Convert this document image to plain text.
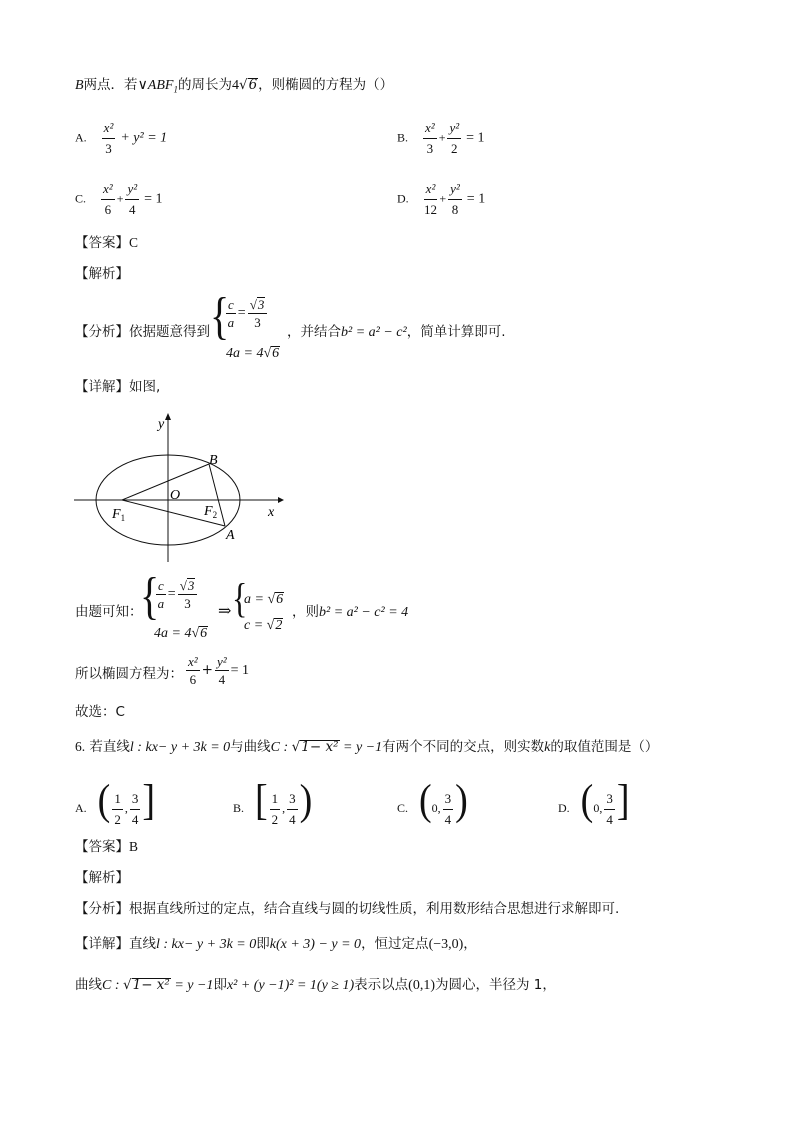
B两点．若$\vee ABF_1$的周长为4√6，则椭圆的方程为（）
A. $\frac{\text{x²}}{3} + y^2 = 1$	B. $\frac{\text{x²}}{3} + \frac{\text{y²}}{2} = 1$
C. $\frac{\text{x²}}{6} + \frac{\text{y²}}{4} = 1$	D. $\frac{\text{x²}}{12} + \frac{\text{y²}}{8} = 1$
【答案】C
【解析】
【分析】依据题意得到 {
$\frac{c}{a} = \frac{√3}{3}$
4a = 4√6
，并结合b² = a² − c²，简单计算即可.
【详解】如图,
y
x
O
B
$F_1$	$F_2$
A
由题可知：
{
$\frac{c}{a} = \frac{√3}{3}$
4a = 4√6
⇒ {
a = √6
c = √2
，则b² = a² − c² = 4
所以椭圆方程为： $\frac{\text{x²}}{6} + \frac{\text{y²}}{4} = 1$
故选：C
6. 若直线l : kx− y + 3k = 0与曲线C : √1− x² = y −1有两个不同的交点，则实数k的取值范围是（）
A. ( $\frac{1}{2}$ , $\frac{3}{4}$ ]	B. [ $\frac{1}{2}$ , $\frac{3}{4}$ )	C. (0, $\frac{3}{4}$ )	D. (0, $\frac{3}{4}$ ]
【答案】B
【解析】
【分析】根据直线所过的定点，结合直线与圆的切线性质，利用数形结合思想进行求解即可.
【详解】直线l : kx− y + 3k = 0即k(x + 3) − y = 0，恒过定点(−3,0)，
曲线C : √1− x² = y −1即x² + (y −1)² = 1(y ≥ 1)表示以点(0,1)为圆心，半径为 1，
